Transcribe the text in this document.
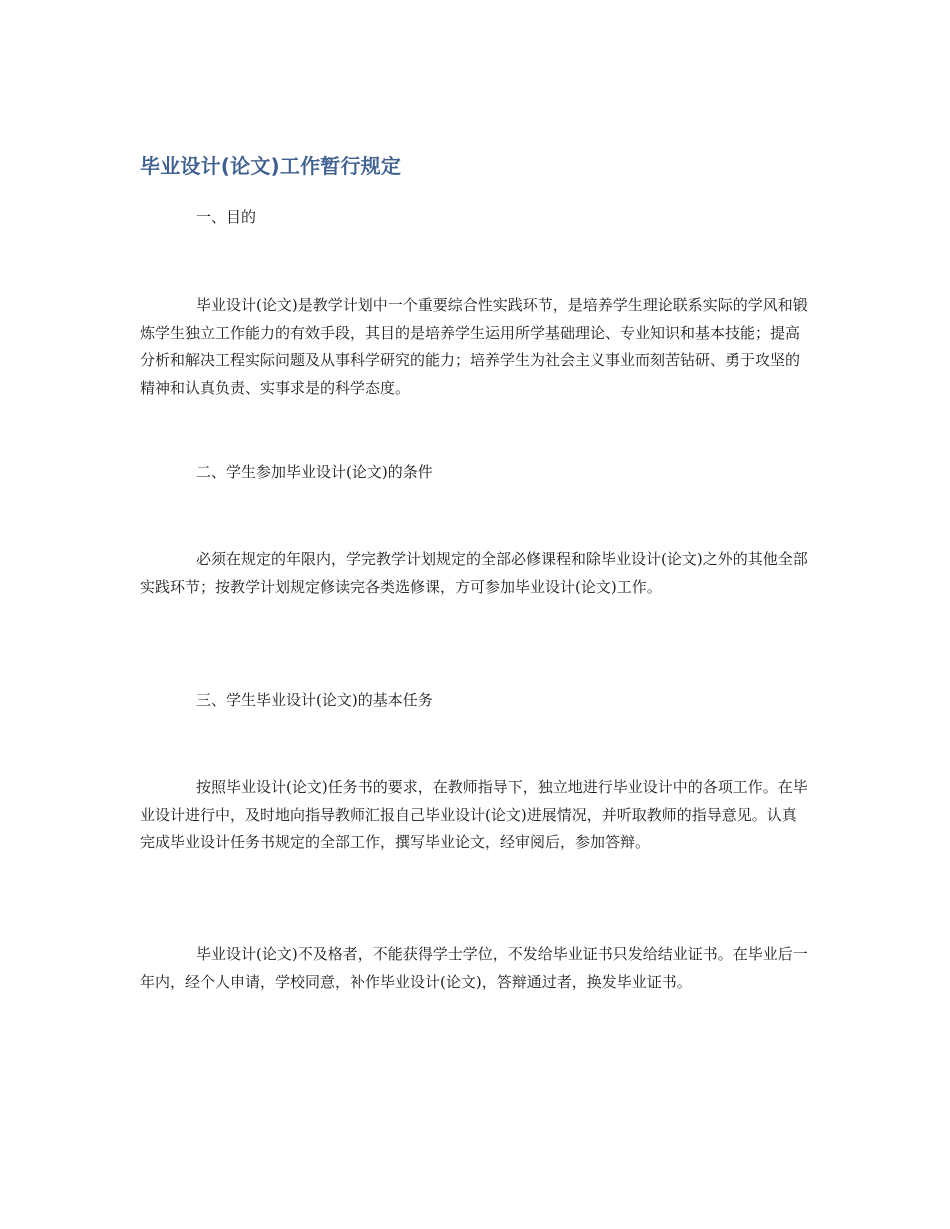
毕业设计(论文)工作暂行规定
一、目的

毕业设计(论文)是教学计划中一个重要综合性实践环节，是培养学生理论联系实际的学风和锻炼学生独立工作能力的有效手段，其目的是培养学生运用所学基础理论、专业知识和基本技能；提高分析和解决工程实际问题及从事科学研究的能力；培养学生为社会主义事业而刻苦钻研、勇于攻坚的精神和认真负责、实事求是的科学态度。

二、学生参加毕业设计(论文)的条件

必须在规定的年限内，学完教学计划规定的全部必修课程和除毕业设计(论文)之外的其他全部实践环节；按教学计划规定修读完各类选修课，方可参加毕业设计(论文)工作。

三、学生毕业设计(论文)的基本任务

按照毕业设计(论文)任务书的要求，在教师指导下，独立地进行毕业设计中的各项工作。在毕业设计进行中，及时地向指导教师汇报自己毕业设计(论文)进展情况，并听取教师的指导意见。认真完成毕业设计任务书规定的全部工作，撰写毕业论文，经审阅后，参加答辩。

毕业设计(论文)不及格者，不能获得学士学位，不发给毕业证书只发给结业证书。在毕业后一年内，经个人申请，学校同意，补作毕业设计(论文)，答辩通过者，换发毕业证书。
